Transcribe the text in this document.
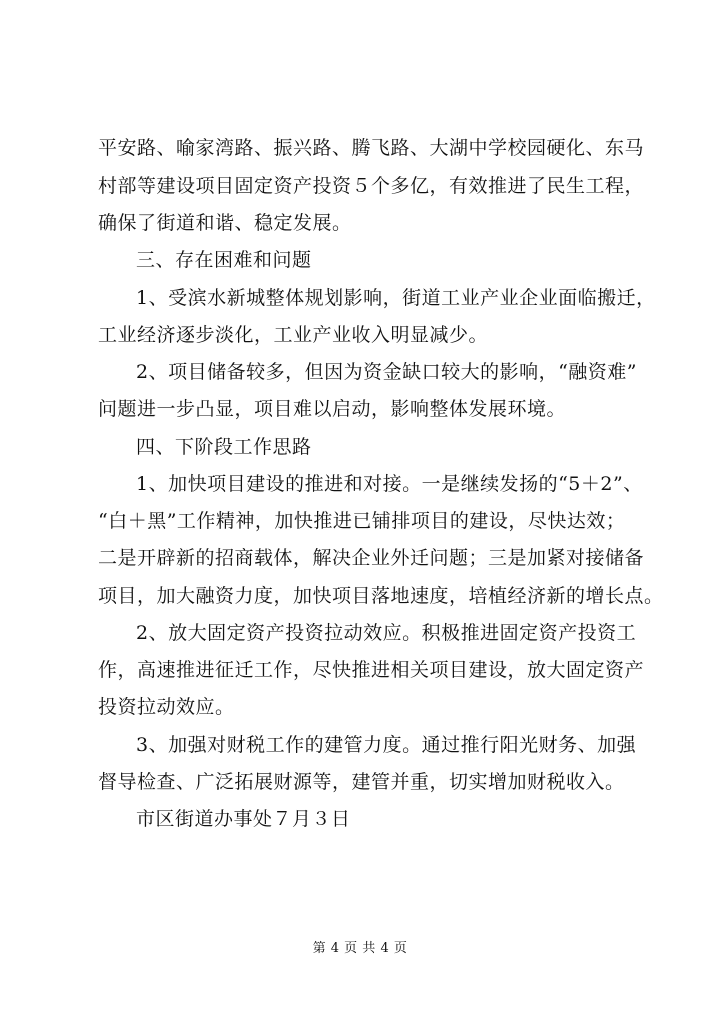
平安路、喻家湾路、振兴路、腾飞路、大湖中学校园硬化、东马
村部等建设项目固定资产投资５个多亿，有效推进了民生工程，
确保了街道和谐、稳定发展。
三、存在困难和问题
1、受滨水新城整体规划影响，街道工业产业企业面临搬迁，
工业经济逐步淡化，工业产业收入明显减少。
2、项目储备较多，但因为资金缺口较大的影响，“融资难”
问题进一步凸显，项目难以启动，影响整体发展环境。
四、下阶段工作思路
1、加快项目建设的推进和对接。一是继续发扬的“5＋2”、
“白＋黑”工作精神，加快推进已铺排项目的建设，尽快达效；
二是开辟新的招商载体，解决企业外迁问题；三是加紧对接储备
项目，加大融资力度，加快项目落地速度，培植经济新的增长点。
2、放大固定资产投资拉动效应。积极推进固定资产投资工
作，高速推进征迁工作，尽快推进相关项目建设，放大固定资产
投资拉动效应。
3、加强对财税工作的建管力度。通过推行阳光财务、加强
督导检查、广泛拓展财源等，建管并重，切实增加财税收入。
市区街道办事处７月３日
第 4 页 共 4 页
